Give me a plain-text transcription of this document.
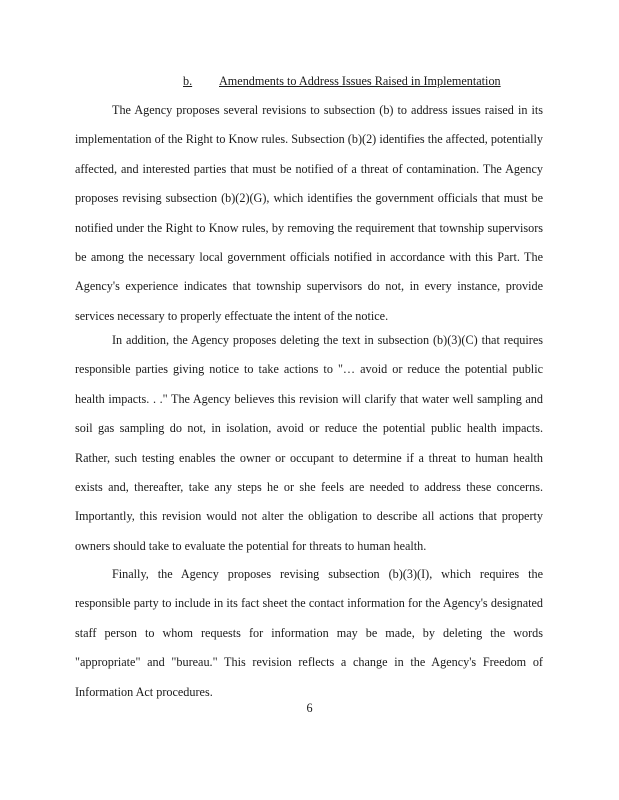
b. Amendments to Address Issues Raised in Implementation

The Agency proposes several revisions to subsection (b) to address issues raised in its implementation of the Right to Know rules. Subsection (b)(2) identifies the affected, potentially affected, and interested parties that must be notified of a threat of contamination. The Agency proposes revising subsection (b)(2)(G), which identifies the government officials that must be notified under the Right to Know rules, by removing the requirement that township supervisors be among the necessary local government officials notified in accordance with this Part. The Agency's experience indicates that township supervisors do not, in every instance, provide services necessary to properly effectuate the intent of the notice.

In addition, the Agency proposes deleting the text in subsection (b)(3)(C) that requires responsible parties giving notice to take actions to "… avoid or reduce the potential public health impacts. . ." The Agency believes this revision will clarify that water well sampling and soil gas sampling do not, in isolation, avoid or reduce the potential public health impacts. Rather, such testing enables the owner or occupant to determine if a threat to human health exists and, thereafter, take any steps he or she feels are needed to address these concerns. Importantly, this revision would not alter the obligation to describe all actions that property owners should take to evaluate the potential for threats to human health.

Finally, the Agency proposes revising subsection (b)(3)(I), which requires the responsible party to include in its fact sheet the contact information for the Agency's designated staff person to whom requests for information may be made, by deleting the words "appropriate" and "bureau." This revision reflects a change in the Agency's Freedom of Information Act procedures.

6
